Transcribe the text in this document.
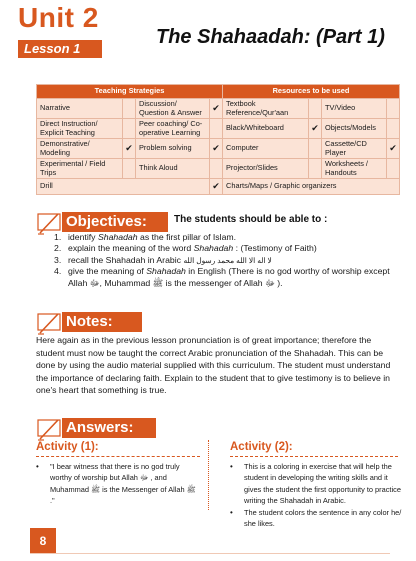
Unit 2
Lesson 1
The Shahaadah: (Part 1)
Teaching Strategies				Resources to be used			
Narrative		Discussion/ Question & Answer	✔	Textbook Reference/Qur'aan		TV/Video	
Direct Instruction/ Explicit Teaching		Peer coaching/ Co-operative Learning		Black/Whiteboard	✔	Objects/Models	
Demonstrative/ Modeling	✔	Problem solving	✔	Computer		Cassette/CD Player	✔
Experimental / Field Trips		Think Aloud		Projector/Slides		Worksheets / Handouts	
Drill			✔	Charts/Maps / Graphic organizers			
Objectives:	The students should be able to :
1. identify Shahadah as the first pillar of Islam.
2. explain the meaning of the word Shahadah : (Testimony of Faith)
3. recall the Shahadah in Arabic لا اله الا الله محمد رسول الله
4. give the meaning of Shahadah in English (There is no god worthy of worship except Allah ﷻ, Muhammad ﷺ is the messenger of Allah ﷻ ).
Notes:

Here again as in the previous lesson pronunciation is of great importance; therefore the student must now be taught the correct Arabic pronunciation of the Shahadah. This can be done by using the audio material supplied with this curriculum. The student must understand the importance of declaring faith. Explain to the student that to give testimony is to believe in one's heart that something is true.

Answers:
Activity (1):
• "I bear witness that there is no god truly worthy of worship but Allah ﷻ , and Muhammad ﷺ is the Messenger of Allah ﷺ ."
Activity (2):
• This is a coloring in exercise that will help the student in developing the writing skills and it gives the student the first opportunity to practice writing the Shahadah in Arabic.
• The student colors the sentence in any color he/ she likes.
8
